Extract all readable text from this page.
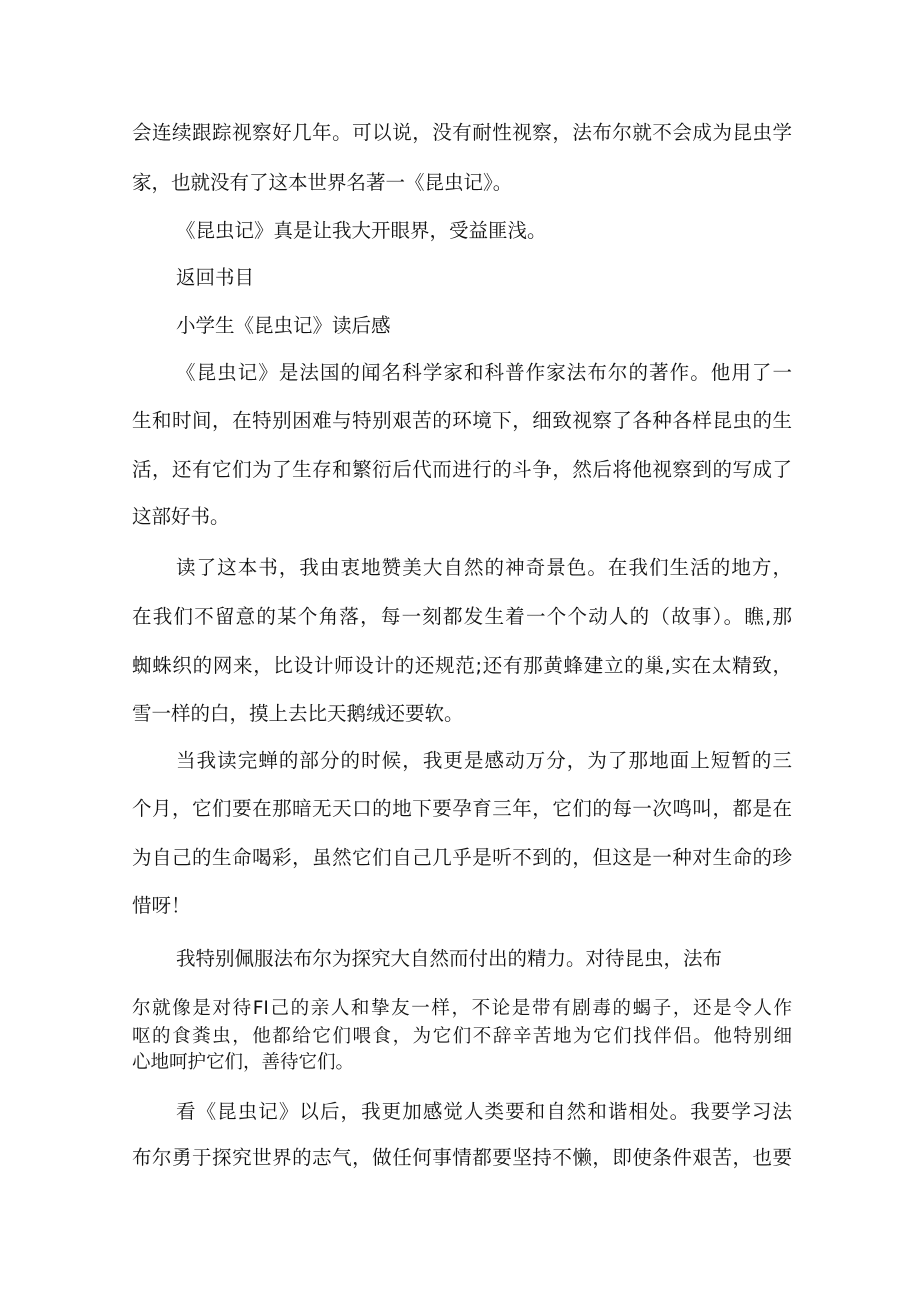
会连续跟踪视察好几年。可以说，没有耐性视察，法布尔就不会成为昆虫学
家，也就没有了这本世界名著一《昆虫记》。
《昆虫记》真是让我大开眼界，受益匪浅。
返回书目
小学生《昆虫记》读后感
《昆虫记》是法国的闻名科学家和科普作家法布尔的著作。他用了一
生和时间，在特别困难与特别艰苦的环境下，细致视察了各种各样昆虫的生
活，还有它们为了生存和繁衍后代而进行的斗争，然后将他视察到的写成了
这部好书。
读了这本书，我由衷地赞美大自然的神奇景色。在我们生活的地方，
在我们不留意的某个角落，每一刻都发生着一个个动人的（故事）。瞧,那
蜘蛛织的网来，比设计师设计的还规范;还有那黄蜂建立的巢,实在太精致，
雪一样的白，摸上去比天鹅绒还要软。
当我读完蝉的部分的时候，我更是感动万分，为了那地面上短暂的三
个月，它们要在那暗无天口的地下要孕育三年，它们的每一次鸣叫，都是在
为自己的生命喝彩，虽然它们自己几乎是听不到的，但这是一种对生命的珍
惜呀！
我特别佩服法布尔为探究大自然而付出的精力。对待昆虫，法布
尔就像是对待FI己的亲人和挚友一样，不论是带有剧毒的蝎子，还是令人作
呕的食粪虫，他都给它们喂食，为它们不辞辛苦地为它们找伴侣。他特别细
心地呵护它们，善待它们。
看《昆虫记》以后，我更加感觉人类要和自然和谐相处。我要学习法
布尔勇于探究世界的志气，做任何事情都要坚持不懒，即使条件艰苦，也要
